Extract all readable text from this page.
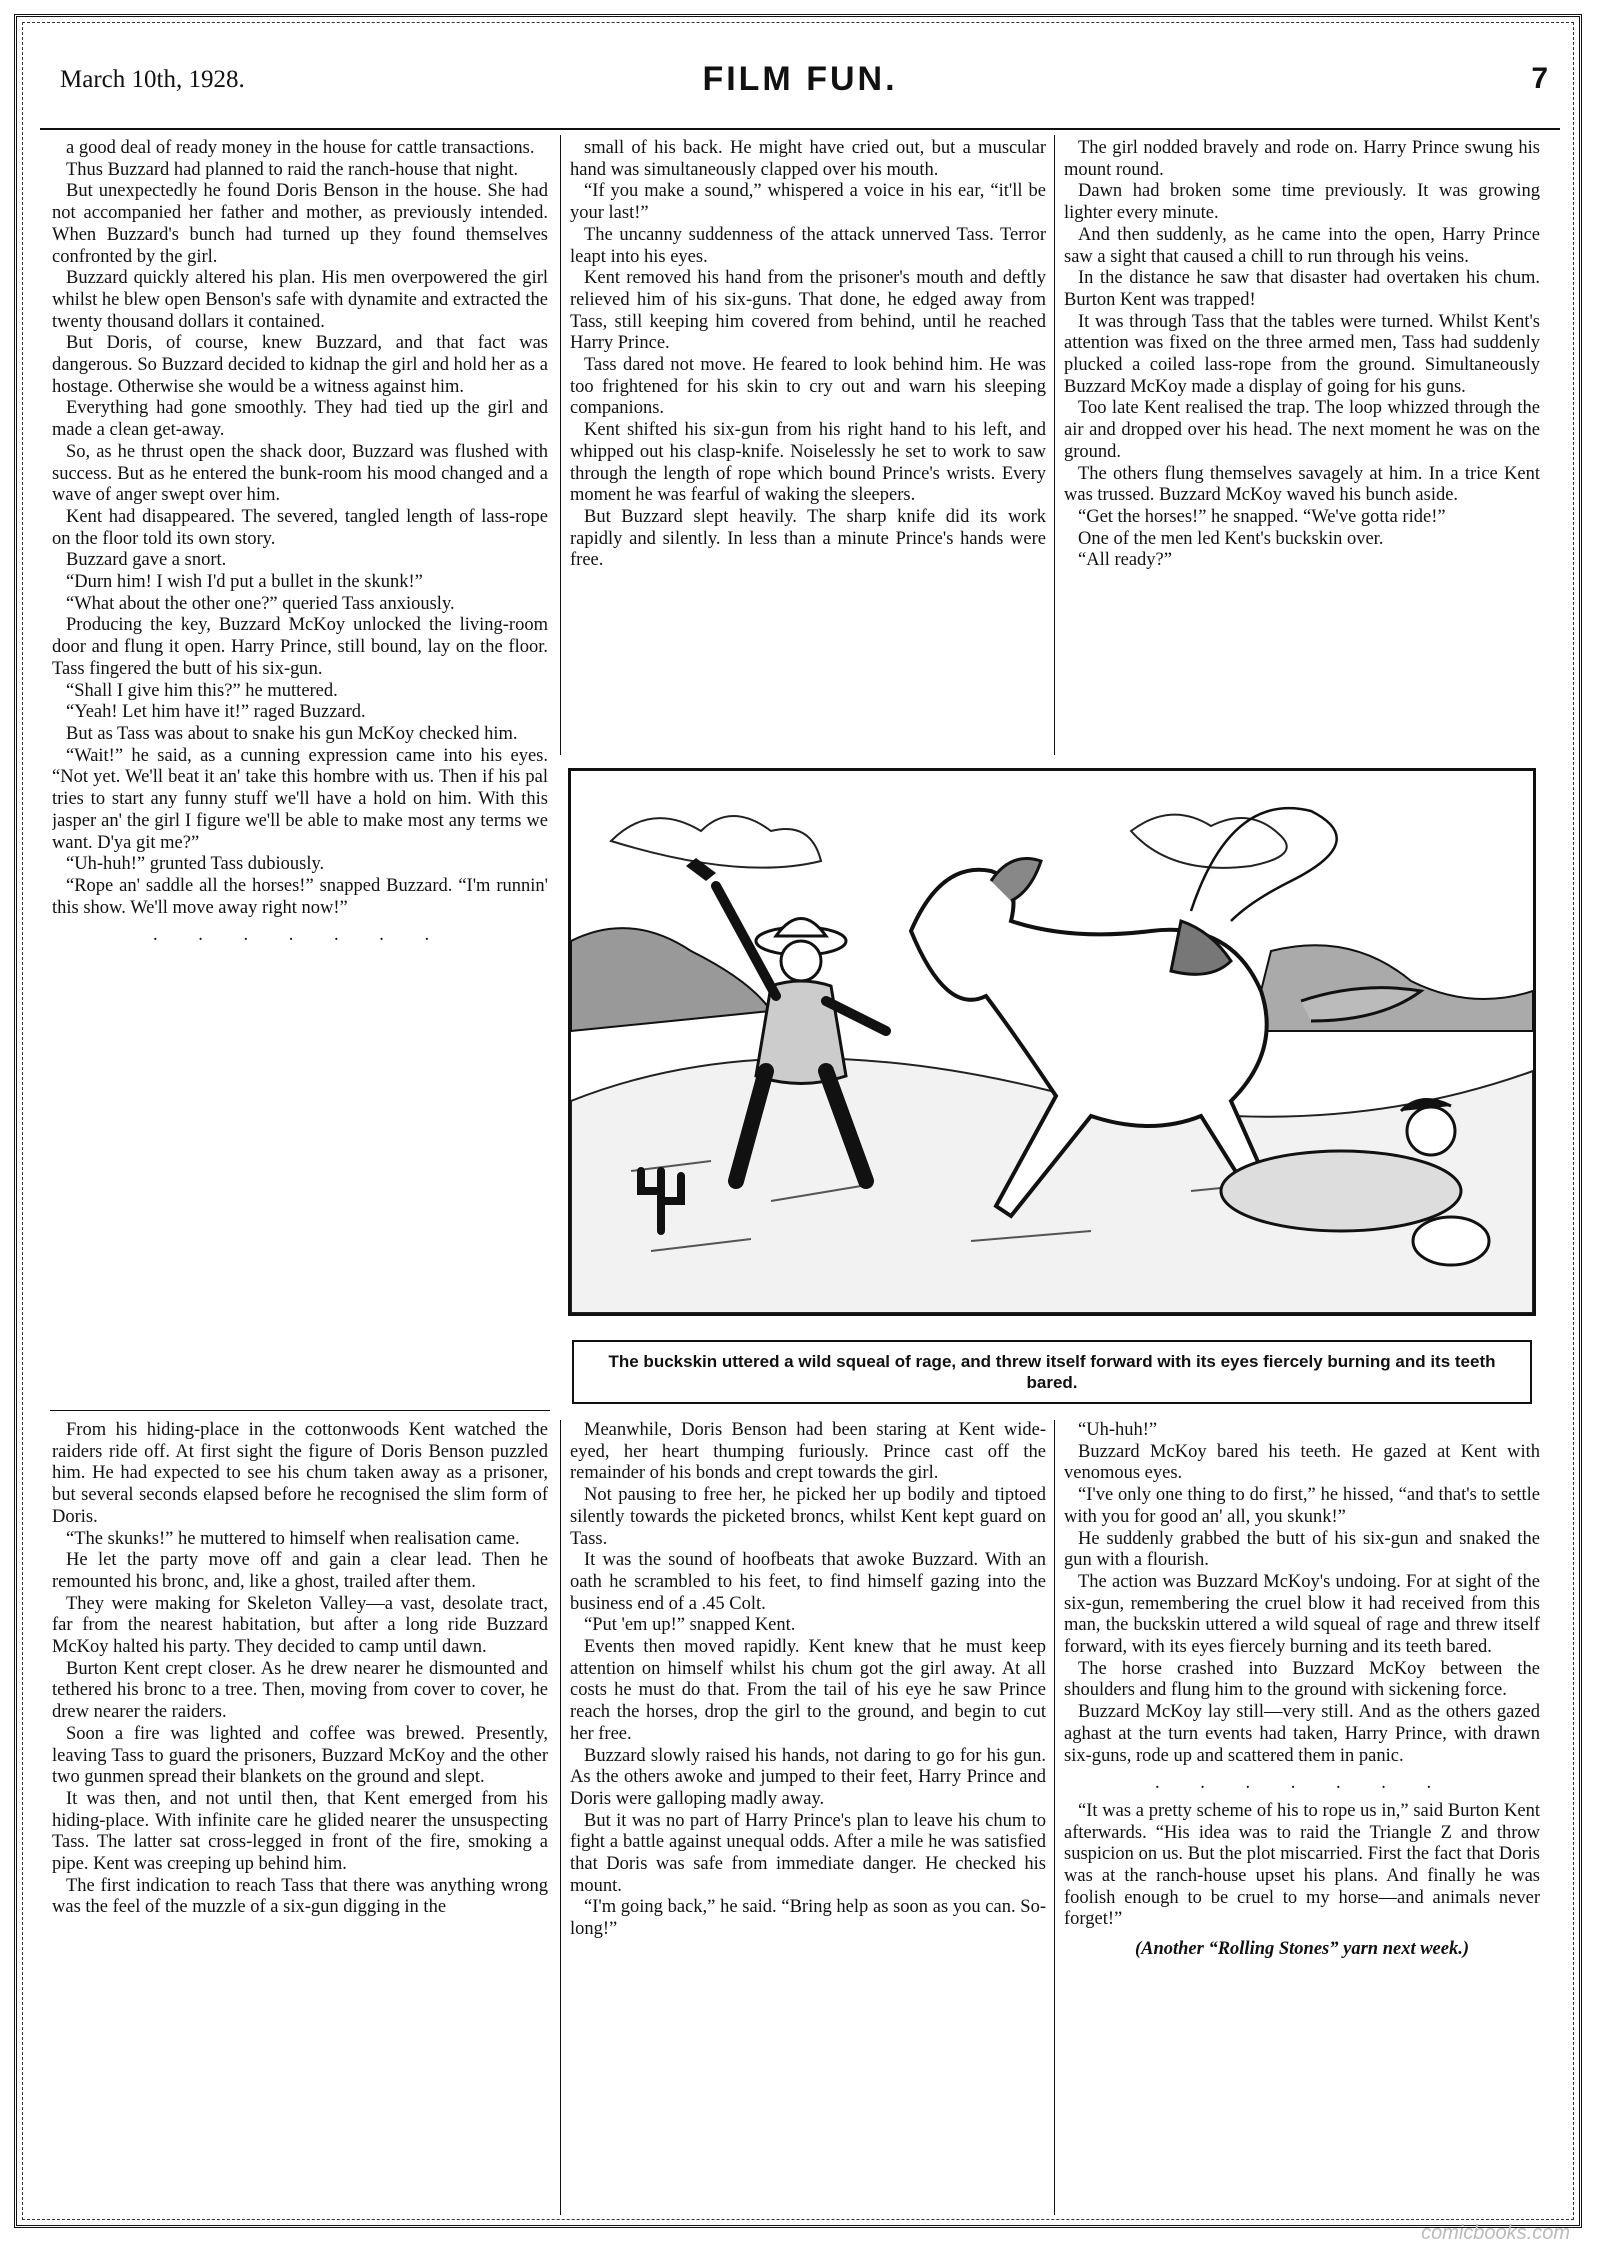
March 10th, 1928.	FILM FUN.	7

a good deal of ready money in the house for cattle transactions.

Thus Buzzard had planned to raid the ranch-house that night.

But unexpectedly he found Doris Benson in the house. She had not accompanied her father and mother, as previously intended. When Buzzard's bunch had turned up they found themselves confronted by the girl.

Buzzard quickly altered his plan. His men overpowered the girl whilst he blew open Benson's safe with dynamite and extracted the twenty thousand dollars it contained.

But Doris, of course, knew Buzzard, and that fact was dangerous. So Buzzard decided to kidnap the girl and hold her as a hostage. Otherwise she would be a witness against him.

Everything had gone smoothly. They had tied up the girl and made a clean get-away.

So, as he thrust open the shack door, Buzzard was flushed with success. But as he entered the bunk-room his mood changed and a wave of anger swept over him.

Kent had disappeared. The severed, tangled length of lass-rope on the floor told its own story.

Buzzard gave a snort.

“Durn him! I wish I'd put a bullet in the skunk!”

“What about the other one?” queried Tass anxiously.

Producing the key, Buzzard McKoy unlocked the living-room door and flung it open. Harry Prince, still bound, lay on the floor. Tass fingered the butt of his six-gun.

“Shall I give him this?” he muttered.

“Yeah! Let him have it!” raged Buzzard.

But as Tass was about to snake his gun McKoy checked him.

“Wait!” he said, as a cunning expression came into his eyes. “Not yet. We'll beat it an' take this hombre with us. Then if his pal tries to start any funny stuff we'll have a hold on him. With this jasper an' the girl I figure we'll be able to make most any terms we want. D'ya git me?”

“Uh-huh!” grunted Tass dubiously.

“Rope an' saddle all the horses!” snapped Buzzard. “I'm runnin' this show. We'll move away right now!”

. . . . . . .

From his hiding-place in the cottonwoods Kent watched the raiders ride off. At first sight the figure of Doris Benson puzzled him. He had expected to see his chum taken away as a prisoner, but several seconds elapsed before he recognised the slim form of Doris.

“The skunks!” he muttered to himself when realisation came.

He let the party move off and gain a clear lead. Then he remounted his bronc, and, like a ghost, trailed after them.

They were making for Skeleton Valley—a vast, desolate tract, far from the nearest habitation, but after a long ride Buzzard McKoy halted his party. They decided to camp until dawn.

Burton Kent crept closer. As he drew nearer he dismounted and tethered his bronc to a tree. Then, moving from cover to cover, he drew nearer the raiders.

Soon a fire was lighted and coffee was brewed. Presently, leaving Tass to guard the prisoners, Buzzard McKoy and the other two gunmen spread their blankets on the ground and slept.

It was then, and not until then, that Kent emerged from his hiding-place. With infinite care he glided nearer the unsuspecting Tass. The latter sat cross-legged in front of the fire, smoking a pipe. Kent was creeping up behind him.

The first indication to reach Tass that there was anything wrong was the feel of the muzzle of a six-gun digging in the

small of his back. He might have cried out, but a muscular hand was simultaneously clapped over his mouth.

“If you make a sound,” whispered a voice in his ear, “it'll be your last!”

The uncanny suddenness of the attack unnerved Tass. Terror leapt into his eyes.

Kent removed his hand from the prisoner's mouth and deftly relieved him of his six-guns. That done, he edged away from Tass, still keeping him covered from behind, until he reached Harry Prince.

Tass dared not move. He feared to look behind him. He was too frightened for his skin to cry out and warn his sleeping companions.

Kent shifted his six-gun from his right hand to his left, and whipped out his clasp-knife. Noiselessly he set to work to saw through the length of rope which bound Prince's wrists. Every moment he was fearful of waking the sleepers.

But Buzzard slept heavily. The sharp knife did its work rapidly and silently. In less than a minute Prince's hands were free.

The girl nodded bravely and rode on. Harry Prince swung his mount round.

Dawn had broken some time previously. It was growing lighter every minute.

And then suddenly, as he came into the open, Harry Prince saw a sight that caused a chill to run through his veins.

In the distance he saw that disaster had overtaken his chum. Burton Kent was trapped!

It was through Tass that the tables were turned. Whilst Kent's attention was fixed on the three armed men, Tass had suddenly plucked a coiled lass-rope from the ground. Simultaneously Buzzard McKoy made a display of going for his guns.

Too late Kent realised the trap. The loop whizzed through the air and dropped over his head. The next moment he was on the ground.

The others flung themselves savagely at him. In a trice Kent was trussed. Buzzard McKoy waved his bunch aside.

“Get the horses!” he snapped. “We've gotta ride!”

One of the men led Kent's buckskin over.

“All ready?”

The buckskin uttered a wild squeal of rage, and threw itself forward with its eyes fiercely burning and its teeth bared.

Meanwhile, Doris Benson had been staring at Kent wide-eyed, her heart thumping furiously. Prince cast off the remainder of his bonds and crept towards the girl.

Not pausing to free her, he picked her up bodily and tiptoed silently towards the picketed broncs, whilst Kent kept guard on Tass.

It was the sound of hoofbeats that awoke Buzzard. With an oath he scrambled to his feet, to find himself gazing into the business end of a .45 Colt.

“Put 'em up!” snapped Kent.

Events then moved rapidly. Kent knew that he must keep attention on himself whilst his chum got the girl away. At all costs he must do that. From the tail of his eye he saw Prince reach the horses, drop the girl to the ground, and begin to cut her free.

Buzzard slowly raised his hands, not daring to go for his gun. As the others awoke and jumped to their feet, Harry Prince and Doris were galloping madly away.

But it was no part of Harry Prince's plan to leave his chum to fight a battle against unequal odds. After a mile he was satisfied that Doris was safe from immediate danger. He checked his mount.

“I'm going back,” he said. “Bring help as soon as you can. So-long!”

“Uh-huh!”

Buzzard McKoy bared his teeth. He gazed at Kent with venomous eyes.

“I've only one thing to do first,” he hissed, “and that's to settle with you for good an' all, you skunk!”

He suddenly grabbed the butt of his six-gun and snaked the gun with a flourish.

The action was Buzzard McKoy's undoing. For at sight of the six-gun, remembering the cruel blow it had received from this man, the buckskin uttered a wild squeal of rage and threw itself forward, with its eyes fiercely burning and its teeth bared.

The horse crashed into Buzzard McKoy between the shoulders and flung him to the ground with sickening force.

Buzzard McKoy lay still—very still. And as the others gazed aghast at the turn events had taken, Harry Prince, with drawn six-guns, rode up and scattered them in panic.

. . . . . . .

“It was a pretty scheme of his to rope us in,” said Burton Kent afterwards. “His idea was to raid the Triangle Z and throw suspicion on us. But the plot miscarried. First the fact that Doris was at the ranch-house upset his plans. And finally he was foolish enough to be cruel to my horse—and animals never forget!”

(Another “Rolling Stones” yarn next week.)

comicbooks.com
